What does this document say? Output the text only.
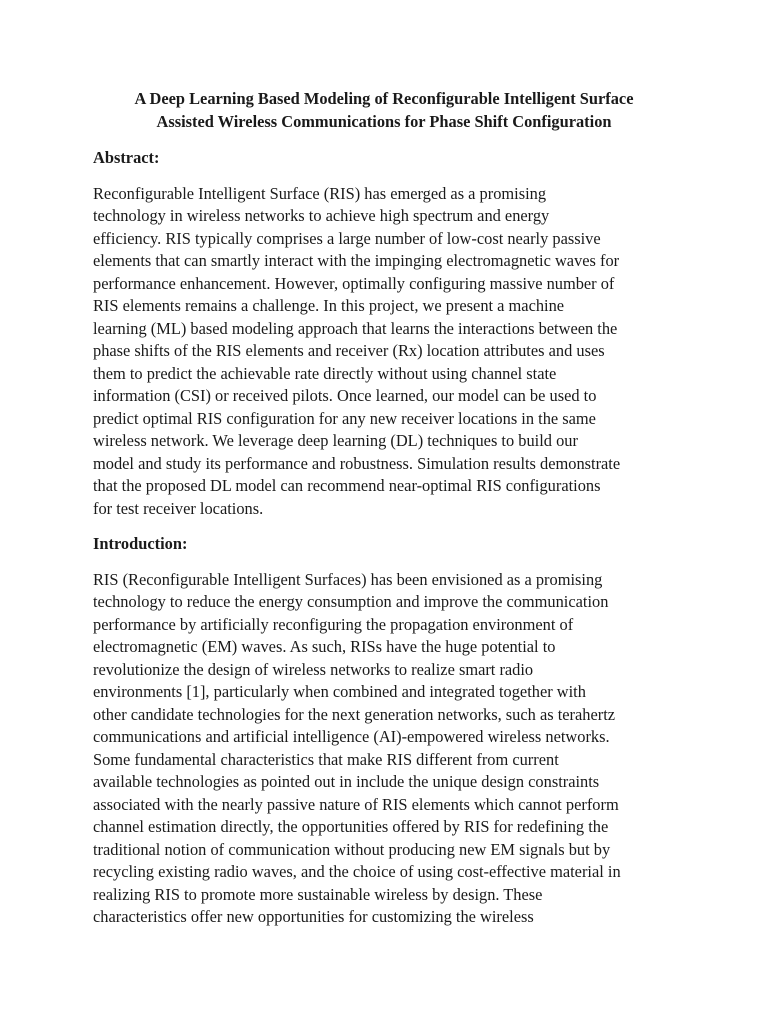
A Deep Learning Based Modeling of Reconfigurable Intelligent Surface
Assisted Wireless Communications for Phase Shift Configuration
Abstract:
Reconfigurable Intelligent Surface (RIS) has emerged as a promising
technology in wireless networks to achieve high spectrum and energy
efficiency. RIS typically comprises a large number of low-cost nearly passive
elements that can smartly interact with the impinging electromagnetic waves for
performance enhancement. However, optimally configuring massive number of
RIS elements remains a challenge. In this project, we present a machine
learning (ML) based modeling approach that learns the interactions between the
phase shifts of the RIS elements and receiver (Rx) location attributes and uses
them to predict the achievable rate directly without using channel state
information (CSI) or received pilots. Once learned, our model can be used to
predict optimal RIS configuration for any new receiver locations in the same
wireless network. We leverage deep learning (DL) techniques to build our
model and study its performance and robustness. Simulation results demonstrate
that the proposed DL model can recommend near-optimal RIS configurations
for test receiver locations.
Introduction:
RIS (Reconfigurable Intelligent Surfaces) has been envisioned as a promising
technology to reduce the energy consumption and improve the communication
performance by artificially reconfiguring the propagation environment of
electromagnetic (EM) waves. As such, RISs have the huge potential to
revolutionize the design of wireless networks to realize smart radio
environments [1], particularly when combined and integrated together with
other candidate technologies for the next generation networks, such as terahertz
communications and artificial intelligence (AI)-empowered wireless networks.
Some fundamental characteristics that make RIS different from current
available technologies as pointed out in include the unique design constraints
associated with the nearly passive nature of RIS elements which cannot perform
channel estimation directly, the opportunities offered by RIS for redefining the
traditional notion of communication without producing new EM signals but by
recycling existing radio waves, and the choice of using cost-effective material in
realizing RIS to promote more sustainable wireless by design. These
characteristics offer new opportunities for customizing the wireless
